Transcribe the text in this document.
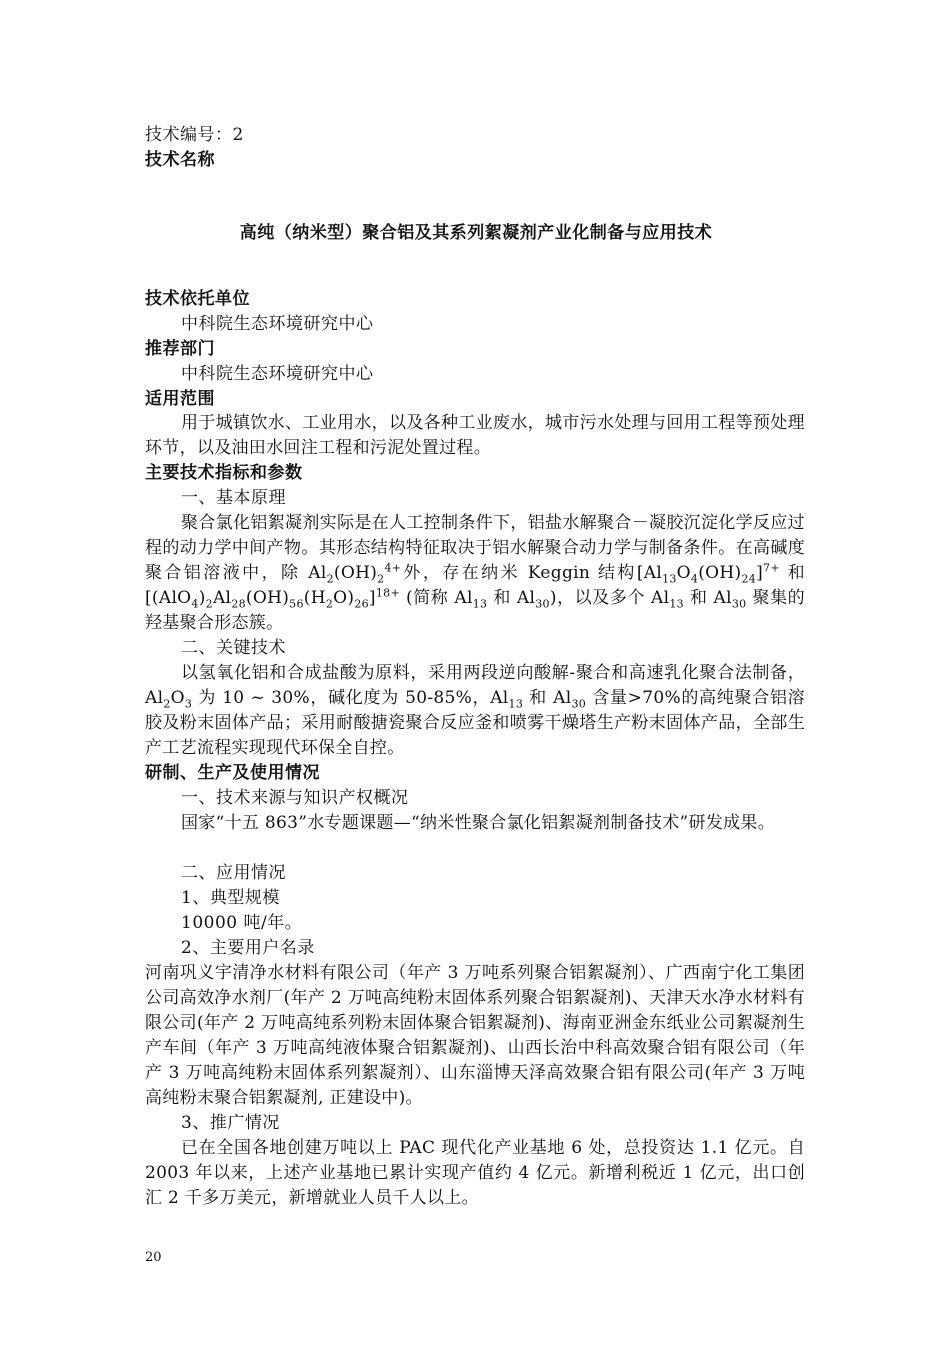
技术编号：2
技术名称
高纯（纳米型）聚合铝及其系列絮凝剂产业化制备与应用技术
技术依托单位
中科院生态环境研究中心
推荐部门
中科院生态环境研究中心
适用范围
用于城镇饮水、工业用水，以及各种工业废水，城市污水处理与回用工程等预处理环节，以及油田水回注工程和污泥处置过程。
主要技术指标和参数
一、基本原理
聚合氯化铝絮凝剂实际是在人工控制条件下，铝盐水解聚合－凝胶沉淀化学反应过程的动力学中间产物。其形态结构特征取决于铝水解聚合动力学与制备条件。在高碱度聚合铝溶液中，除 $Al_2(OH)_2^{4+}$外，存在纳米 Keggin 结构$[Al_{13}O_4(OH)_{24}]^{7+}$ 和$[(AlO_4)_2Al_{28}(OH)_{56}(H_2O)_{26}]^{18+}$ (简称 $Al_{13}$ 和 $Al_{30}$)，以及多个 $Al_{13}$ 和 $Al_{30}$ 聚集的羟基聚合形态簇。
二、关键技术
以氢氧化铝和合成盐酸为原料，采用两段逆向酸解-聚合和高速乳化聚合法制备，$Al_2O_3$ 为 10 ~ 30%，碱化度为 50-85%，$Al_{13}$ 和 $Al_{30}$ 含量>70%的高纯聚合铝溶胶及粉末固体产品；采用耐酸搪瓷聚合反应釜和喷雾干燥塔生产粉末固体产品，全部生产工艺流程实现现代环保全自控。
研制、生产及使用情况
一、技术来源与知识产权概况
国家“十五 863”水专题课题—“纳米性聚合氯化铝絮凝剂制备技术”研发成果。
二、应用情况
1、典型规模
10000 吨/年。
2、主要用户名录
河南巩义宇清净水材料有限公司（年产 3 万吨系列聚合铝絮凝剂）、广西南宁化工集团公司高效净水剂厂(年产 2 万吨高纯粉末固体系列聚合铝絮凝剂)、天津天水净水材料有限公司(年产 2 万吨高纯系列粉末固体聚合铝絮凝剂)、海南亚洲金东纸业公司絮凝剂生产车间（年产 3 万吨高纯液体聚合铝絮凝剂)、山西长治中科高效聚合铝有限公司（年产 3 万吨高纯粉末固体系列絮凝剂）、山东淄博天泽高效聚合铝有限公司(年产 3 万吨高纯粉末聚合铝絮凝剂, 正建设中)。
3、推广情况
已在全国各地创建万吨以上 PAC 现代化产业基地 6 处，总投资达 1.1 亿元。自 2003 年以来，上述产业基地已累计实现产值约 4 亿元。新增利税近 1 亿元，出口创汇 2 千多万美元，新增就业人员千人以上。
20
